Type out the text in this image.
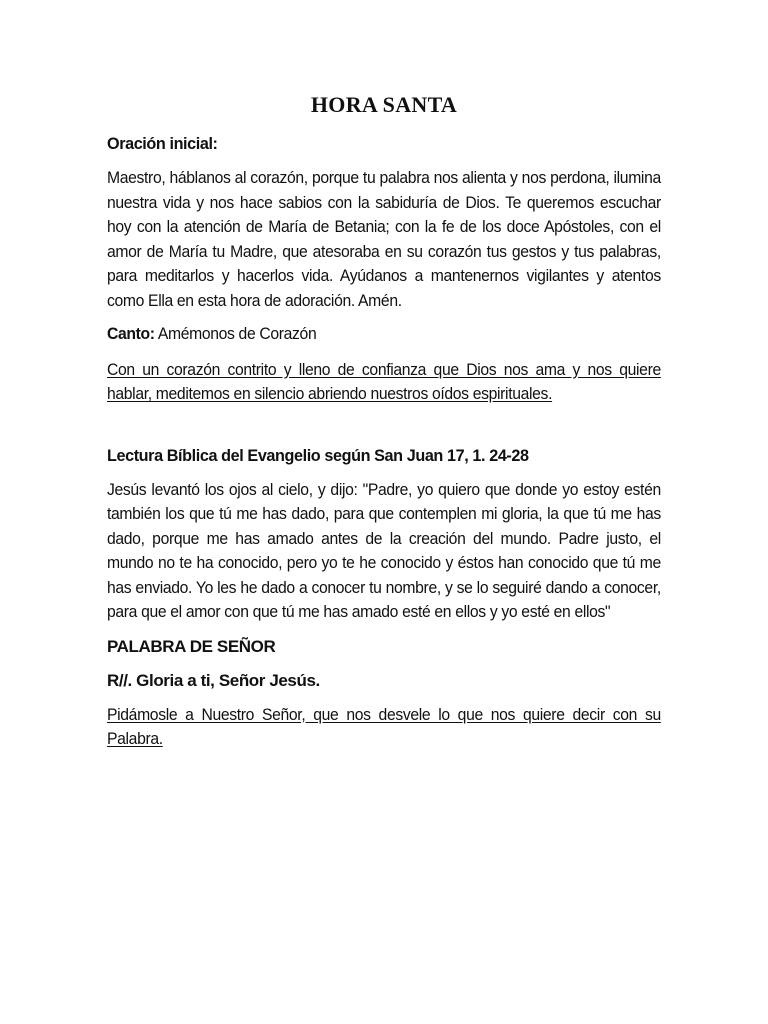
HORA SANTA

Oración inicial:

Maestro, háblanos al corazón, porque tu palabra nos alienta y nos perdona, ilumina nuestra vida y nos hace sabios con la sabiduría de Dios. Te queremos escuchar hoy con la atención de María de Betania; con la fe de los doce Apóstoles, con el amor de María tu Madre, que atesoraba en su corazón tus gestos y tus palabras, para meditarlos y hacerlos vida. Ayúdanos a mantenernos vigilantes y atentos como Ella en esta hora de adoración. Amén.

Canto: Amémonos de Corazón

Con un corazón contrito y lleno de confianza que Dios nos ama y nos quiere hablar, meditemos en silencio abriendo nuestros oídos espirituales.

Lectura Bíblica del Evangelio según San Juan 17, 1. 24-28

Jesús levantó los ojos al cielo, y dijo: "Padre, yo quiero que donde yo estoy estén también los que tú me has dado, para que contemplen mi gloria, la que tú me has dado, porque me has amado antes de la creación del mundo. Padre justo, el mundo no te ha conocido, pero yo te he conocido y éstos han conocido que tú me has enviado. Yo les he dado a conocer tu nombre, y se lo seguiré dando a conocer, para que el amor con que tú me has amado esté en ellos y yo esté en ellos"

PALABRA DE SEÑOR

R//. Gloria a ti, Señor Jesús.

Pidámosle a Nuestro Señor, que nos desvele lo que nos quiere decir con su Palabra.
